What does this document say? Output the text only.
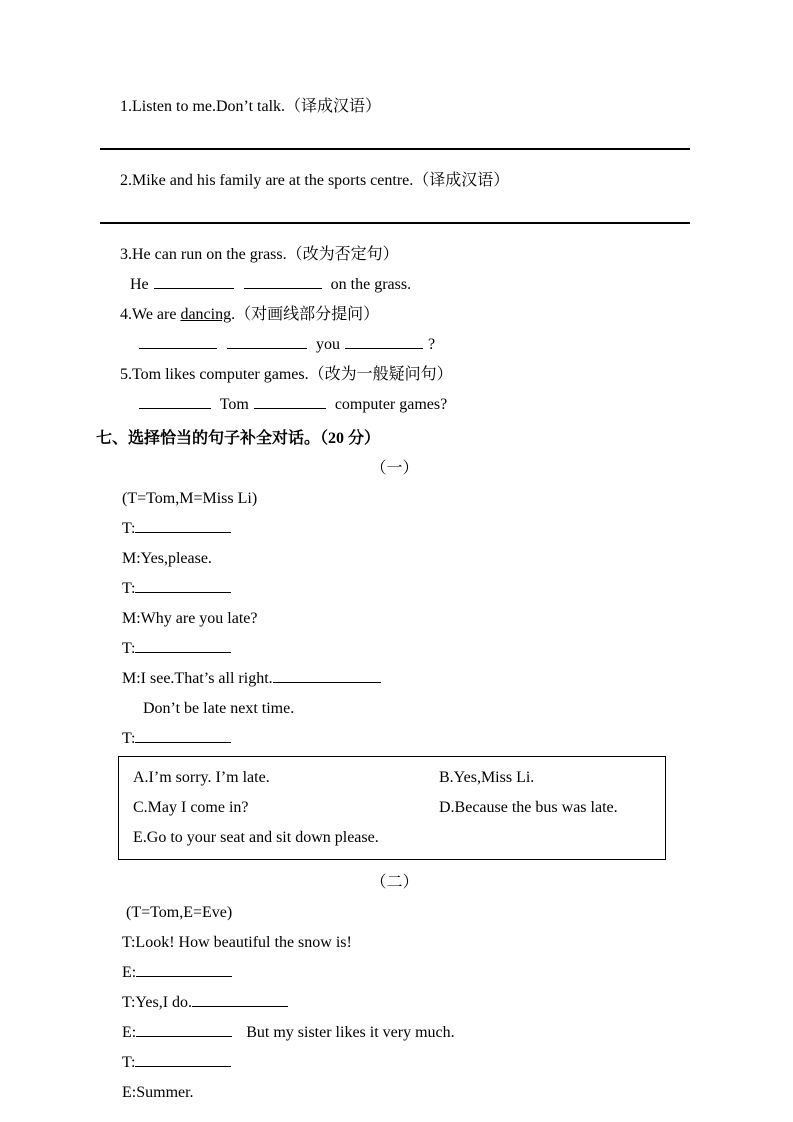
1.Listen to me.Don’t talk.（译成汉语）
2.Mike and his family are at the sports centre.（译成汉语）
3.He can run on the grass.（改为否定句）
He	on the grass.
4.We are dancing.（对画线部分提问）
you	?
5.Tom likes computer games.（改为一般疑问句）
Tom	computer games?
七、选择恰当的句子补全对话。（20 分）
（一）
(T=Tom,M=Miss Li)
T:
M:Yes,please.
T:
M:Why are you late?
T:
M:I see.That’s all right.
Don’t be late next time.
T:
A.I’m sorry. I’m late.	B.Yes,Miss Li.
C.May I come in?	D.Because the bus was late.
E.Go to your seat and sit down please.
（二）
(T=Tom,E=Eve)
T:Look! How beautiful the snow is!
E:
T:Yes,I do.
E:	But my sister likes it very much.
T:
E:Summer.
